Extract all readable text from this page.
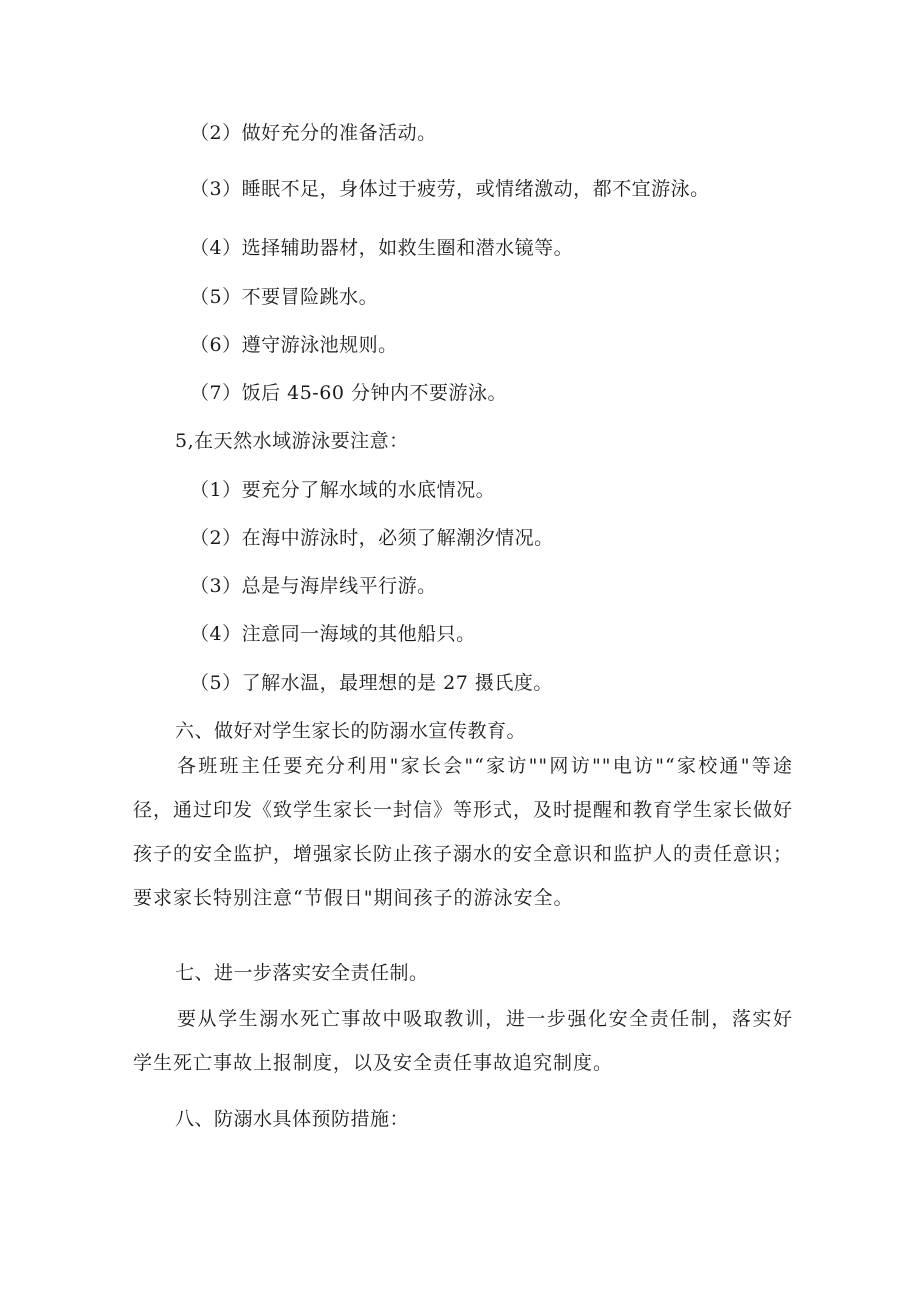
（2）做好充分的准备活动。
（3）睡眠不足，身体过于疲劳，或情绪激动，都不宜游泳。
（4）选择辅助器材，如救生圈和潜水镜等。
（5）不要冒险跳水。
（6）遵守游泳池规则。
（7）饭后 45-60 分钟内不要游泳。
5,在天然水域游泳要注意：
（1）要充分了解水域的水底情况。
（2）在海中游泳时，必须了解潮汐情况。
（3）总是与海岸线平行游。
（4）注意同一海域的其他船只。
（5）了解水温，最理想的是 27 摄氏度。
六、做好对学生家长的防溺水宣传教育。
各班班主任要充分利用"家长会"“家访""网访""电访"“家校通"等途径，通过印发《致学生家长一封信》等形式，及时提醒和教育学生家长做好孩子的安全监护，增强家长防止孩子溺水的安全意识和监护人的责任意识；要求家长特别注意“节假日"期间孩子的游泳安全。
七、进一步落实安全责任制。
要从学生溺水死亡事故中吸取教训，进一步强化安全责任制，落实好学生死亡事故上报制度，以及安全责任事故追究制度。
八、防溺水具体预防措施：
